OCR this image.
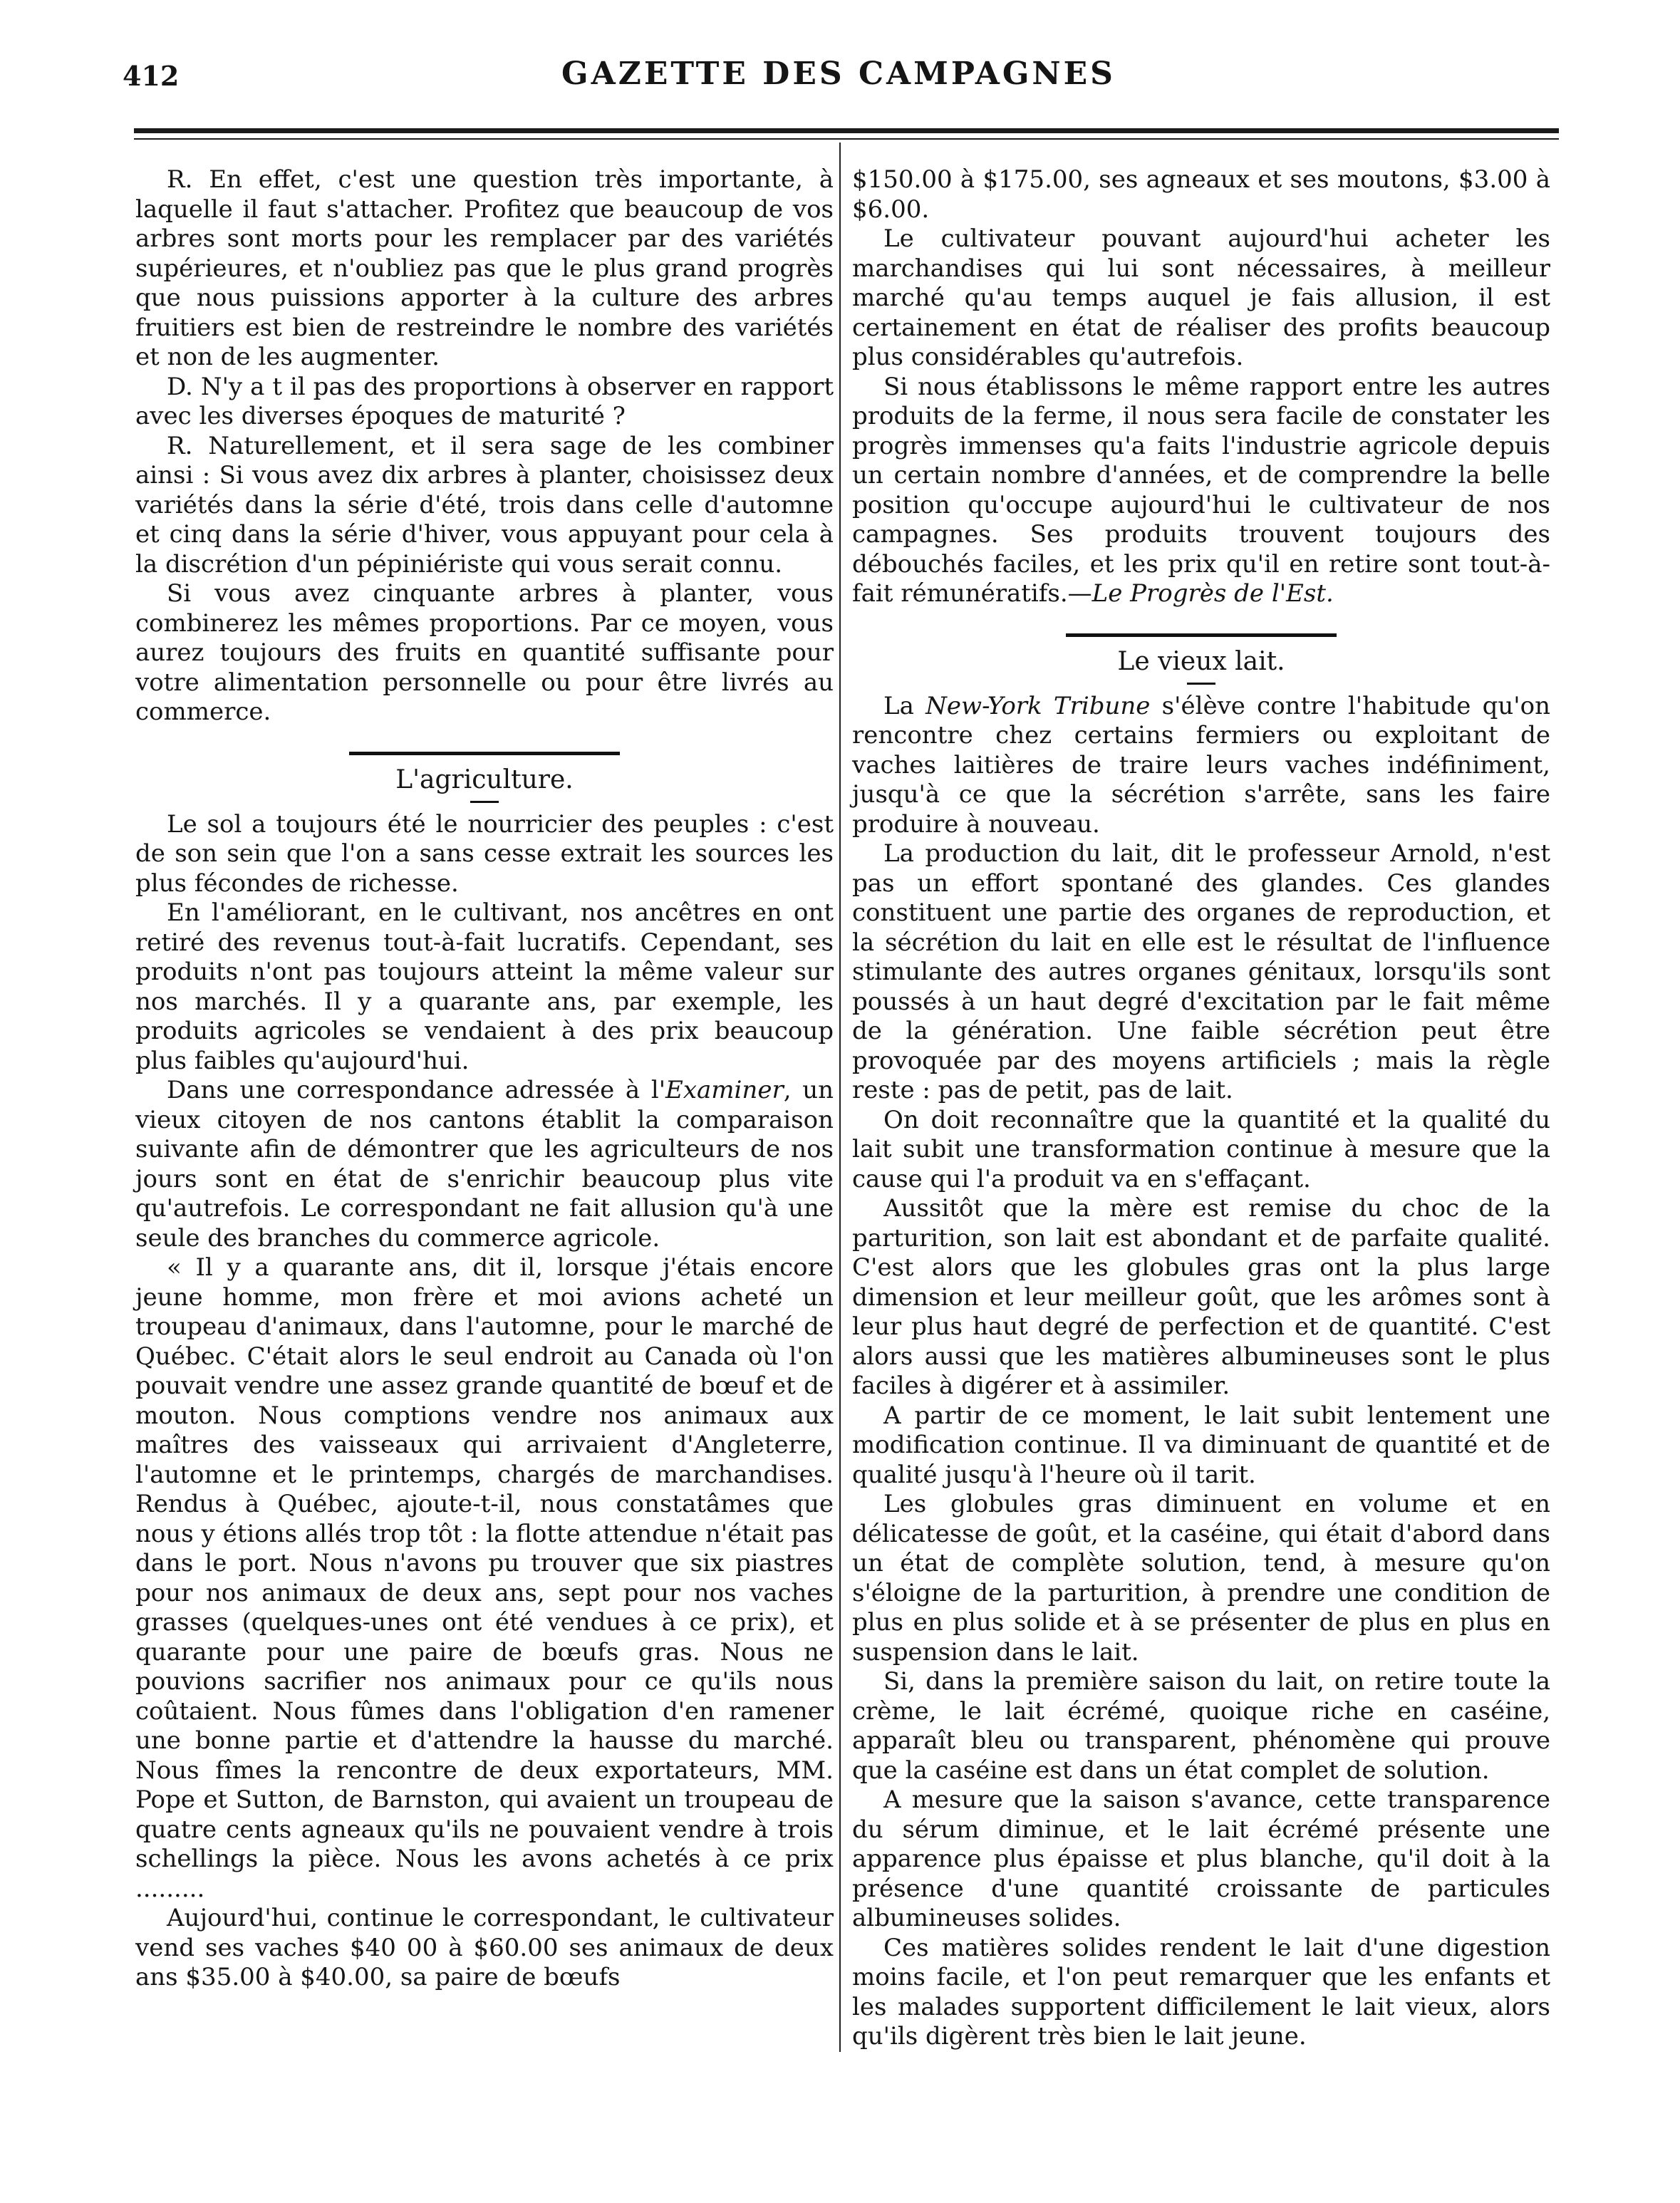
412	GAZETTE DES CAMPAGNES

R. En effet, c'est une question très importante, à laquelle il faut s'attacher. Profitez que beaucoup de vos arbres sont morts pour les remplacer par des variétés supérieures, et n'oubliez pas que le plus grand progrès que nous puissions apporter à la culture des arbres fruitiers est bien de restreindre le nombre des variétés et non de les augmenter.

D. N'y a t il pas des proportions à observer en rapport avec les diverses époques de maturité ?

R. Naturellement, et il sera sage de les combiner ainsi : Si vous avez dix arbres à planter, choisissez deux variétés dans la série d'été, trois dans celle d'automne et cinq dans la série d'hiver, vous appuyant pour cela à la discrétion d'un pépiniériste qui vous serait connu.

Si vous avez cinquante arbres à planter, vous combinerez les mêmes proportions. Par ce moyen, vous aurez toujours des fruits en quantité suffisante pour votre alimentation personnelle ou pour être livrés au commerce.

L'agriculture.

Le sol a toujours été le nourricier des peuples : c'est de son sein que l'on a sans cesse extrait les sources les plus fécondes de richesse.

En l'améliorant, en le cultivant, nos ancêtres en ont retiré des revenus tout-à-fait lucratifs. Cependant, ses produits n'ont pas toujours atteint la même valeur sur nos marchés. Il y a quarante ans, par exemple, les produits agricoles se vendaient à des prix beaucoup plus faibles qu'aujourd'hui.

Dans une correspondance adressée à l'Examiner, un vieux citoyen de nos cantons établit la comparaison suivante afin de démontrer que les agriculteurs de nos jours sont en état de s'enrichir beaucoup plus vite qu'autrefois. Le correspondant ne fait allusion qu'à une seule des branches du commerce agricole.

« Il y a quarante ans, dit il, lorsque j'étais encore jeune homme, mon frère et moi avions acheté un troupeau d'animaux, dans l'automne, pour le marché de Québec. C'était alors le seul endroit au Canada où l'on pouvait vendre une assez grande quantité de bœuf et de mouton. Nous comptions vendre nos animaux aux maîtres des vaisseaux qui arrivaient d'Angleterre, l'automne et le printemps, chargés de marchandises. Rendus à Québec, ajoute-t-il, nous constatâmes que nous y étions allés trop tôt : la flotte attendue n'était pas dans le port. Nous n'avons pu trouver que six piastres pour nos animaux de deux ans, sept pour nos vaches grasses (quelques-unes ont été vendues à ce prix), et quarante pour une paire de bœufs gras. Nous ne pouvions sacrifier nos animaux pour ce qu'ils nous coûtaient. Nous fûmes dans l'obligation d'en ramener une bonne partie et d'attendre la hausse du marché. Nous fîmes la rencontre de deux exportateurs, MM. Pope et Sutton, de Barnston, qui avaient un troupeau de quatre cents agneaux qu'ils ne pouvaient vendre à trois schellings la pièce. Nous les avons achetés à ce prix .........

Aujourd'hui, continue le correspondant, le cultivateur vend ses vaches $40 00 à $60.00 ses animaux de deux ans $35.00 à $40.00, sa paire de bœufs

$150.00 à $175.00, ses agneaux et ses moutons, $3.00 à $6.00.

Le cultivateur pouvant aujourd'hui acheter les marchandises qui lui sont nécessaires, à meilleur marché qu'au temps auquel je fais allusion, il est certainement en état de réaliser des profits beaucoup plus considérables qu'autrefois.

Si nous établissons le même rapport entre les autres produits de la ferme, il nous sera facile de constater les progrès immenses qu'a faits l'industrie agricole depuis un certain nombre d'années, et de comprendre la belle position qu'occupe aujourd'hui le cultivateur de nos campagnes. Ses produits trouvent toujours des débouchés faciles, et les prix qu'il en retire sont tout-à-fait rémunératifs.—Le Progrès de l'Est.

Le vieux lait.

La New-York Tribune s'élève contre l'habitude qu'on rencontre chez certains fermiers ou exploitant de vaches laitières de traire leurs vaches indéfiniment, jusqu'à ce que la sécrétion s'arrête, sans les faire produire à nouveau.

La production du lait, dit le professeur Arnold, n'est pas un effort spontané des glandes. Ces glandes constituent une partie des organes de reproduction, et la sécrétion du lait en elle est le résultat de l'influence stimulante des autres organes génitaux, lorsqu'ils sont poussés à un haut degré d'excitation par le fait même de la génération. Une faible sécrétion peut être provoquée par des moyens artificiels ; mais la règle reste : pas de petit, pas de lait.

On doit reconnaître que la quantité et la qualité du lait subit une transformation continue à mesure que la cause qui l'a produit va en s'effaçant.

Aussitôt que la mère est remise du choc de la parturition, son lait est abondant et de parfaite qualité. C'est alors que les globules gras ont la plus large dimension et leur meilleur goût, que les arômes sont à leur plus haut degré de perfection et de quantité. C'est alors aussi que les matières albumineuses sont le plus faciles à digérer et à assimiler.

A partir de ce moment, le lait subit lentement une modification continue. Il va diminuant de quantité et de qualité jusqu'à l'heure où il tarit.

Les globules gras diminuent en volume et en délicatesse de goût, et la caséine, qui était d'abord dans un état de complète solution, tend, à mesure qu'on s'éloigne de la parturition, à prendre une condition de plus en plus solide et à se présenter de plus en plus en suspension dans le lait.

Si, dans la première saison du lait, on retire toute la crème, le lait écrémé, quoique riche en caséine, apparaît bleu ou transparent, phénomène qui prouve que la caséine est dans un état complet de solution.

A mesure que la saison s'avance, cette transparence du sérum diminue, et le lait écrémé présente une apparence plus épaisse et plus blanche, qu'il doit à la présence d'une quantité croissante de particules albumineuses solides.

Ces matières solides rendent le lait d'une digestion moins facile, et l'on peut remarquer que les enfants et les malades supportent difficilement le lait vieux, alors qu'ils digèrent très bien le lait jeune.
